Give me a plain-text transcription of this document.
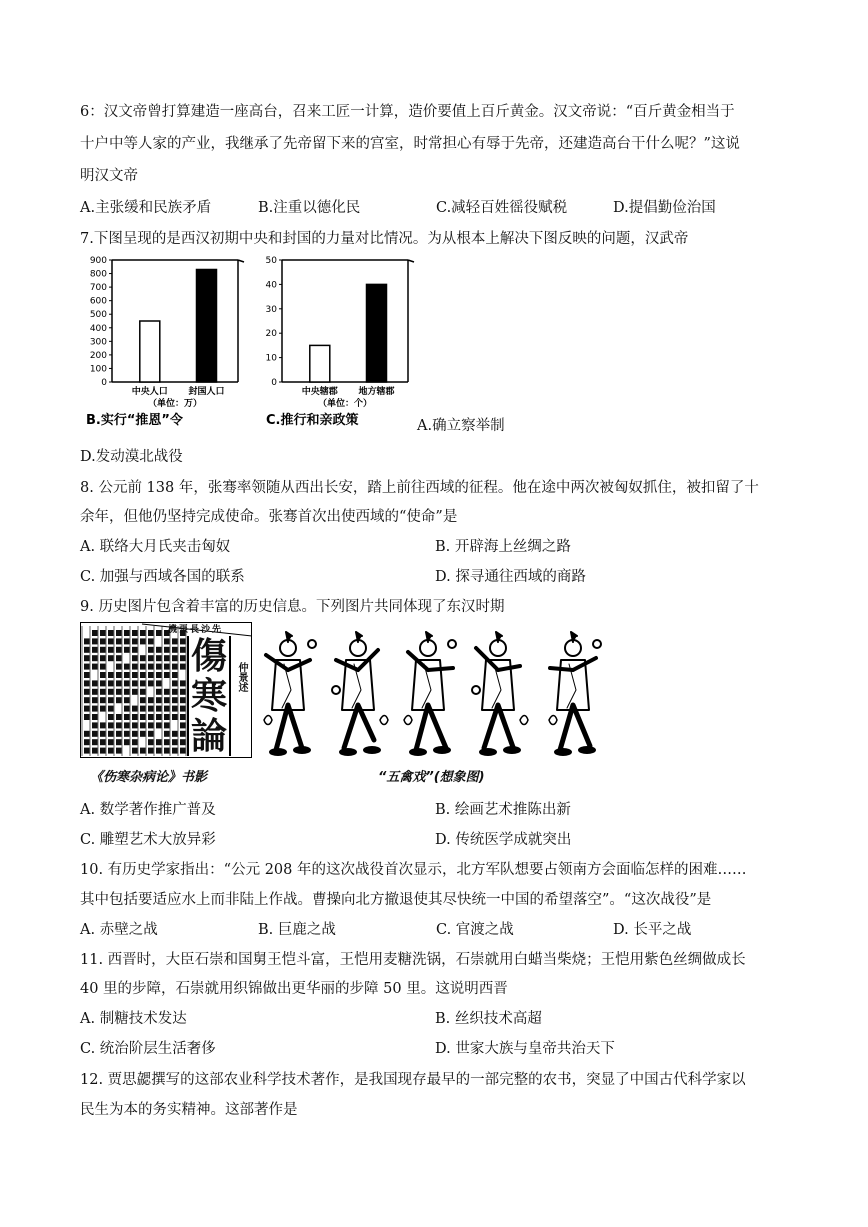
6：汉文帝曾打算建造一座高台，召来工匠一计算，造价要值上百斤黄金。汉文帝说：“百斤黄金相当于
十户中等人家的产业，我继承了先帝留下来的宫室，时常担心有辱于先帝，还建造高台干什么呢？”这说
明汉文帝
A.主张缓和民族矛盾	B.注重以德化民	C.减轻百姓徭役赋税	D.提倡勤俭治国
7.下图呈现的是西汉初期中央和封国的力量对比情况。为从根本上解决下图反映的问题，汉武帝
0
100
200
300
400
500
600
700
800
900
中央人口 封国人口
（单位：万）
B.实行“推恩”令
0
10
20
30
40
50
中央辖郡 地方辖郡
（单位：个）
C.推行和亲政策	A.确立察举制
D.发动漠北战役
8. 公元前 138 年，张骞率领随从西出长安，踏上前往西域的征程。他在途中两次被匈奴抓住，被扣留了十
余年，但他仍坚持完成使命。张骞首次出使西域的“使命”是
A. 联络大月氏夹击匈奴	B. 开辟海上丝绸之路
C. 加强与西域各国的联系	D. 探寻通往西域的商路
9. 历史图片包含着丰富的历史信息。下列图片共同体现了东汉时期
機張長沙先
傷
寒
論
仲景述
《伤寒杂病论》书影	“五禽戏”(想象图)
A. 数学著作推广普及	B. 绘画艺术推陈出新
C. 雕塑艺术大放异彩	D. 传统医学成就突出
10. 有历史学家指出：“公元 208 年的这次战役首次显示，北方军队想要占领南方会面临怎样的困难……
其中包括要适应水上而非陆上作战。曹操向北方撤退使其尽快统一中国的希望落空”。“这次战役”是
A. 赤壁之战	B. 巨鹿之战	C. 官渡之战	D. 长平之战
11. 西晋时，大臣石崇和国舅王恺斗富，王恺用麦糖洗锅，石崇就用白蜡当柴烧；王恺用紫色丝绸做成长
40 里的步障，石崇就用织锦做出更华丽的步障 50 里。这说明西晋
A. 制糖技术发达	B. 丝织技术高超
C. 统治阶层生活奢侈	D. 世家大族与皇帝共治天下
12. 贾思勰撰写的这部农业科学技术著作，是我国现存最早的一部完整的农书，突显了中国古代科学家以
民生为本的务实精神。这部著作是
